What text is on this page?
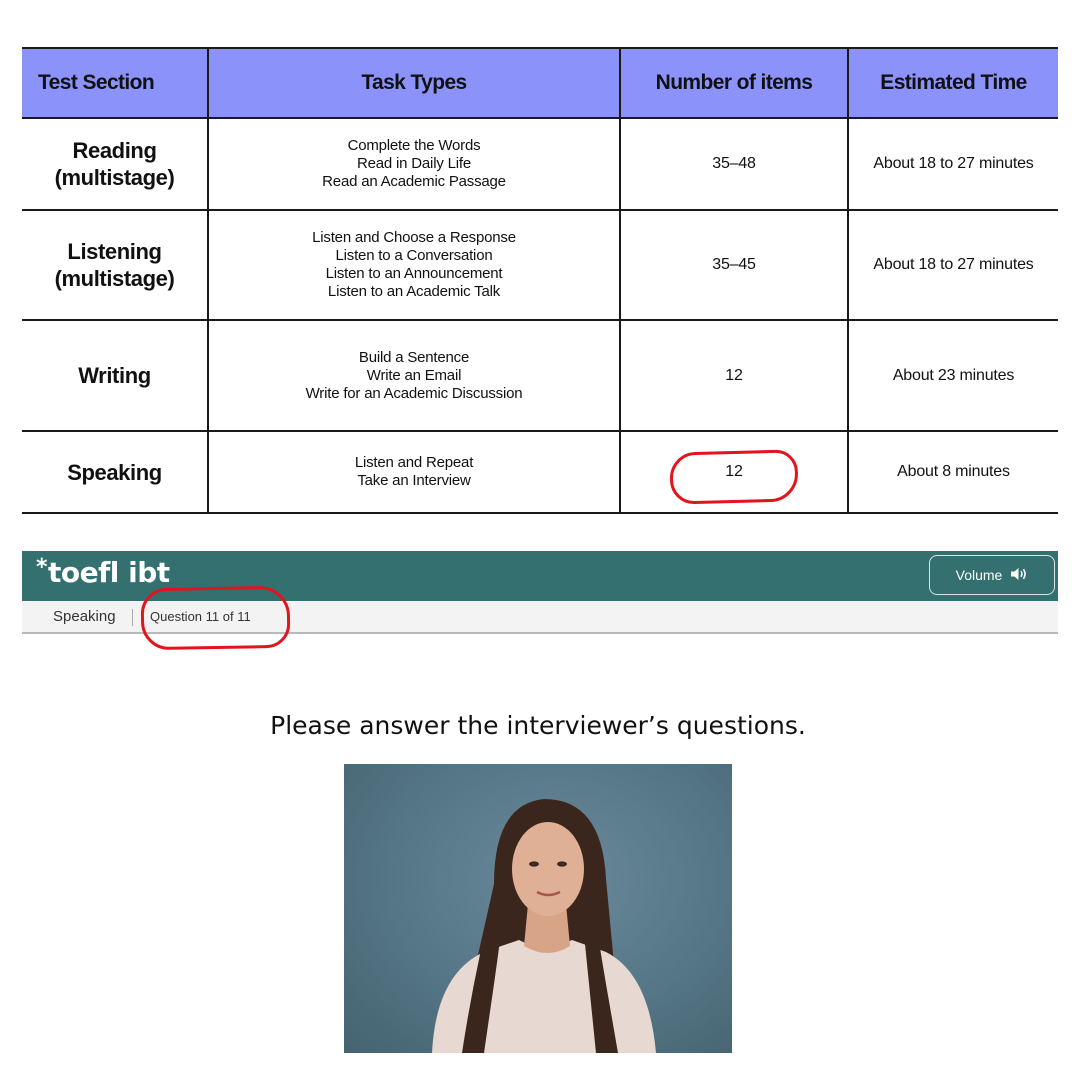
Test Section	Task Types	Number of items	Estimated Time
Reading
(multistage)	Complete the Words
Read in Daily Life
Read an Academic Passage	35–48	About 18 to 27 minutes
Listening
(multistage)	Listen and Choose a Response
Listen to a Conversation
Listen to an Announcement
Listen to an Academic Talk	35–45	About 18 to 27 minutes
Writing	Build a Sentence
Write an Email
Write for an Academic Discussion	12	About 23 minutes
Speaking	Listen and Repeat
Take an Interview	12	About 8 minutes
*toefl ibt	Volume
Speaking	Question 11 of 11
Please answer the interviewer’s questions.
